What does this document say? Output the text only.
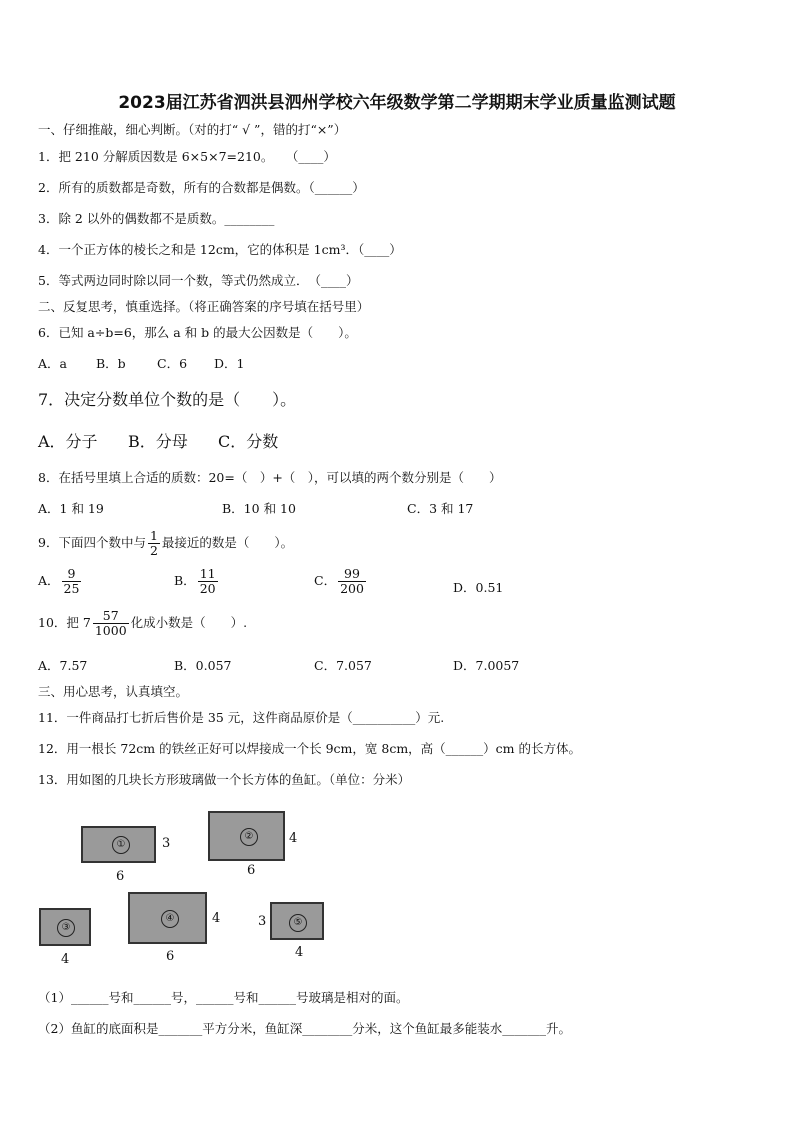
2023届江苏省泗洪县泗州学校六年级数学第二学期期末学业质量监测试题
一、仔细推敲，细心判断。（对的打“ √ ”，错的打“×”）
1．把 210 分解质因数是 6×5×7=210。　　（____）
2．所有的质数都是奇数，所有的合数都是偶数。（______）
3．除 2 以外的偶数都不是质数。________
4．一个正方体的棱长之和是 12cm，它的体积是 1cm³．（____）
5．等式两边同时除以同一个数，等式仍然成立．　（____）
二、反复思考，慎重选择。（将正确答案的序号填在括号里）
6．已知 a÷b=6，那么 a 和 b 的最大公因数是（　　）。
A．a B．b	C．6 D．1
7．决定分数单位个数的是（　　）。
A．分子 B．分母 C．分数
8．在括号里填上合适的质数：20=（　）+（　），可以填的两个数分别是（　　）
A．1 和 19	B．10 和 10	C．3 和 17
9．下面四个数中与 $\frac{1}{2}$ 最接近的数是（　　）。
A． $\frac{9}{25}$	B． $\frac{11}{20}$	C． $\frac{99}{200}$	D．0.51
10．把 $7 \frac{57}{1000}$ 化成小数是（　　）.
A．7.57	B．0.057	C．7.057	D．7.0057
三、用心思考，认真填空。
11．一件商品打七折后售价是 35 元，这件商品原价是（__________）元.
12．用一根长 72cm 的铁丝正好可以焊接成一个长 9cm，宽 8cm，高（______）cm 的长方体。
13．用如图的几块长方形玻璃做一个长方体的鱼缸。（单位：分米）
①	3
6
②	4
6
③
4
④	4
6
⑤
3
4
（1）______号和______号，______号和______号玻璃是相对的面。
（2）鱼缸的底面积是_______平方分米，鱼缸深________分米，这个鱼缸最多能装水_______升。
